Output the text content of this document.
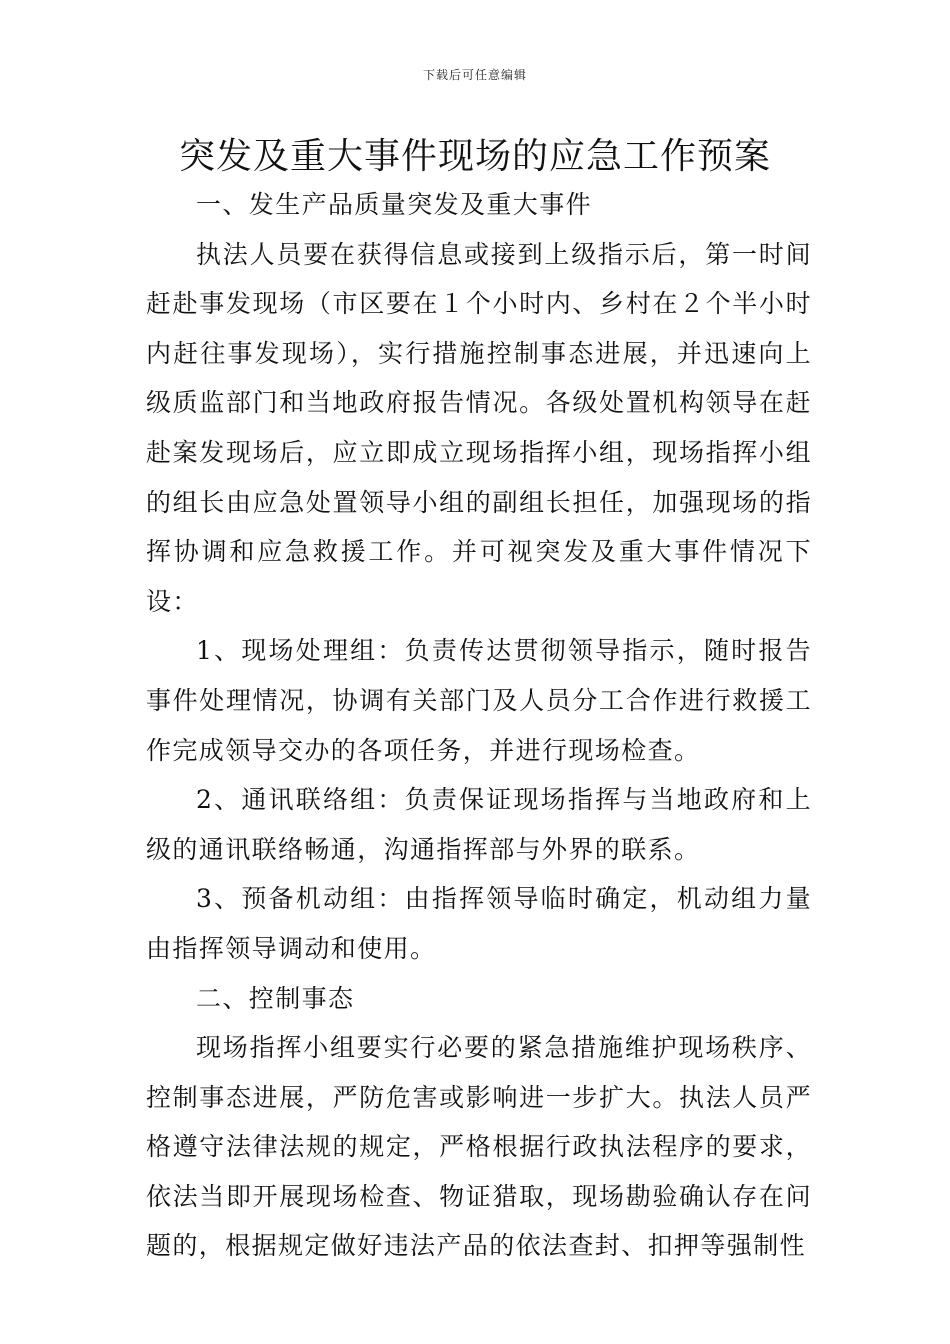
下载后可任意编辑
突发及重大事件现场的应急工作预案

一、发生产品质量突发及重大事件

执法人员要在获得信息或接到上级指示后，第一时间赶赴事发现场（市区要在１个小时内、乡村在２个半小时内赶往事发现场），实行措施控制事态进展，并迅速向上级质监部门和当地政府报告情况。各级处置机构领导在赶赴案发现场后，应立即成立现场指挥小组，现场指挥小组的组长由应急处置领导小组的副组长担任，加强现场的指挥协调和应急救援工作。并可视突发及重大事件情况下设：

1、现场处理组：负责传达贯彻领导指示，随时报告事件处理情况，协调有关部门及人员分工合作进行救援工作完成领导交办的各项任务，并进行现场检查。

2、通讯联络组：负责保证现场指挥与当地政府和上级的通讯联络畅通，沟通指挥部与外界的联系。

3、预备机动组：由指挥领导临时确定，机动组力量由指挥领导调动和使用。

二、控制事态

现场指挥小组要实行必要的紧急措施维护现场秩序、控制事态进展，严防危害或影响进一步扩大。执法人员严格遵守法律法规的规定，严格根据行政执法程序的要求，依法当即开展现场检查、物证猎取，现场勘验确认存在问题的，根据规定做好违法产品的依法查封、扣押等强制性
